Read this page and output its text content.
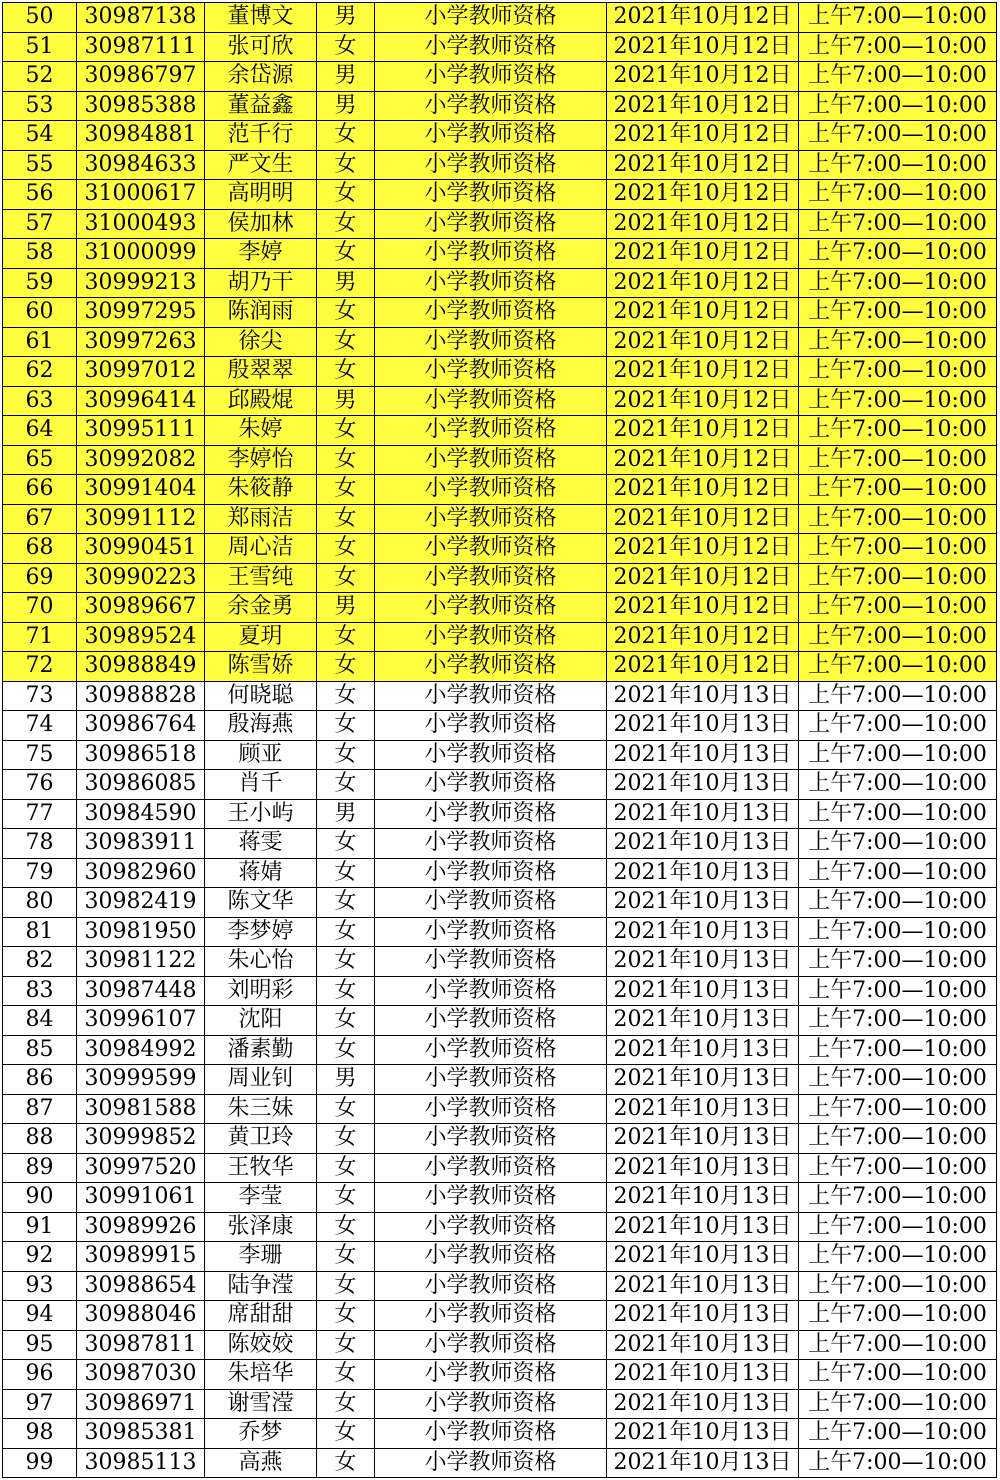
50	30987138	董博文	男	小学教师资格	2021年10月12日	上午7:00—10:00
51	30987111	张可欣	女	小学教师资格	2021年10月12日	上午7:00—10:00
52	30986797	余岱源	男	小学教师资格	2021年10月12日	上午7:00—10:00
53	30985388	董益鑫	男	小学教师资格	2021年10月12日	上午7:00—10:00
54	30984881	范千行	女	小学教师资格	2021年10月12日	上午7:00—10:00
55	30984633	严文生	女	小学教师资格	2021年10月12日	上午7:00—10:00
56	31000617	高明明	女	小学教师资格	2021年10月12日	上午7:00—10:00
57	31000493	侯加林	女	小学教师资格	2021年10月12日	上午7:00—10:00
58	31000099	李婷	女	小学教师资格	2021年10月12日	上午7:00—10:00
59	30999213	胡乃干	男	小学教师资格	2021年10月12日	上午7:00—10:00
60	30997295	陈润雨	女	小学教师资格	2021年10月12日	上午7:00—10:00
61	30997263	徐尖	女	小学教师资格	2021年10月12日	上午7:00—10:00
62	30997012	殷翠翠	女	小学教师资格	2021年10月12日	上午7:00—10:00
63	30996414	邱殿焜	男	小学教师资格	2021年10月12日	上午7:00—10:00
64	30995111	朱婷	女	小学教师资格	2021年10月12日	上午7:00—10:00
65	30992082	李婷怡	女	小学教师资格	2021年10月12日	上午7:00—10:00
66	30991404	朱筱静	女	小学教师资格	2021年10月12日	上午7:00—10:00
67	30991112	郑雨洁	女	小学教师资格	2021年10月12日	上午7:00—10:00
68	30990451	周心洁	女	小学教师资格	2021年10月12日	上午7:00—10:00
69	30990223	王雪纯	女	小学教师资格	2021年10月12日	上午7:00—10:00
70	30989667	余金勇	男	小学教师资格	2021年10月12日	上午7:00—10:00
71	30989524	夏玥	女	小学教师资格	2021年10月12日	上午7:00—10:00
72	30988849	陈雪娇	女	小学教师资格	2021年10月12日	上午7:00—10:00
73	30988828	何晓聪	女	小学教师资格	2021年10月13日	上午7:00—10:00
74	30986764	殷海燕	女	小学教师资格	2021年10月13日	上午7:00—10:00
75	30986518	顾亚	女	小学教师资格	2021年10月13日	上午7:00—10:00
76	30986085	肖千	女	小学教师资格	2021年10月13日	上午7:00—10:00
77	30984590	王小屿	男	小学教师资格	2021年10月13日	上午7:00—10:00
78	30983911	蒋雯	女	小学教师资格	2021年10月13日	上午7:00—10:00
79	30982960	蒋婧	女	小学教师资格	2021年10月13日	上午7:00—10:00
80	30982419	陈文华	女	小学教师资格	2021年10月13日	上午7:00—10:00
81	30981950	李梦婷	女	小学教师资格	2021年10月13日	上午7:00—10:00
82	30981122	朱心怡	女	小学教师资格	2021年10月13日	上午7:00—10:00
83	30987448	刘明彩	女	小学教师资格	2021年10月13日	上午7:00—10:00
84	30996107	沈阳	女	小学教师资格	2021年10月13日	上午7:00—10:00
85	30984992	潘素勤	女	小学教师资格	2021年10月13日	上午7:00—10:00
86	30999599	周业钊	男	小学教师资格	2021年10月13日	上午7:00—10:00
87	30981588	朱三妹	女	小学教师资格	2021年10月13日	上午7:00—10:00
88	30999852	黄卫玲	女	小学教师资格	2021年10月13日	上午7:00—10:00
89	30997520	王牧华	女	小学教师资格	2021年10月13日	上午7:00—10:00
90	30991061	李莹	女	小学教师资格	2021年10月13日	上午7:00—10:00
91	30989926	张泽康	女	小学教师资格	2021年10月13日	上午7:00—10:00
92	30989915	李珊	女	小学教师资格	2021年10月13日	上午7:00—10:00
93	30988654	陆争滢	女	小学教师资格	2021年10月13日	上午7:00—10:00
94	30988046	席甜甜	女	小学教师资格	2021年10月13日	上午7:00—10:00
95	30987811	陈姣姣	女	小学教师资格	2021年10月13日	上午7:00—10:00
96	30987030	朱培华	女	小学教师资格	2021年10月13日	上午7:00—10:00
97	30986971	谢雪滢	女	小学教师资格	2021年10月13日	上午7:00—10:00
98	30985381	乔梦	女	小学教师资格	2021年10月13日	上午7:00—10:00
99	30985113	高燕	女	小学教师资格	2021年10月13日	上午7:00—10:00
